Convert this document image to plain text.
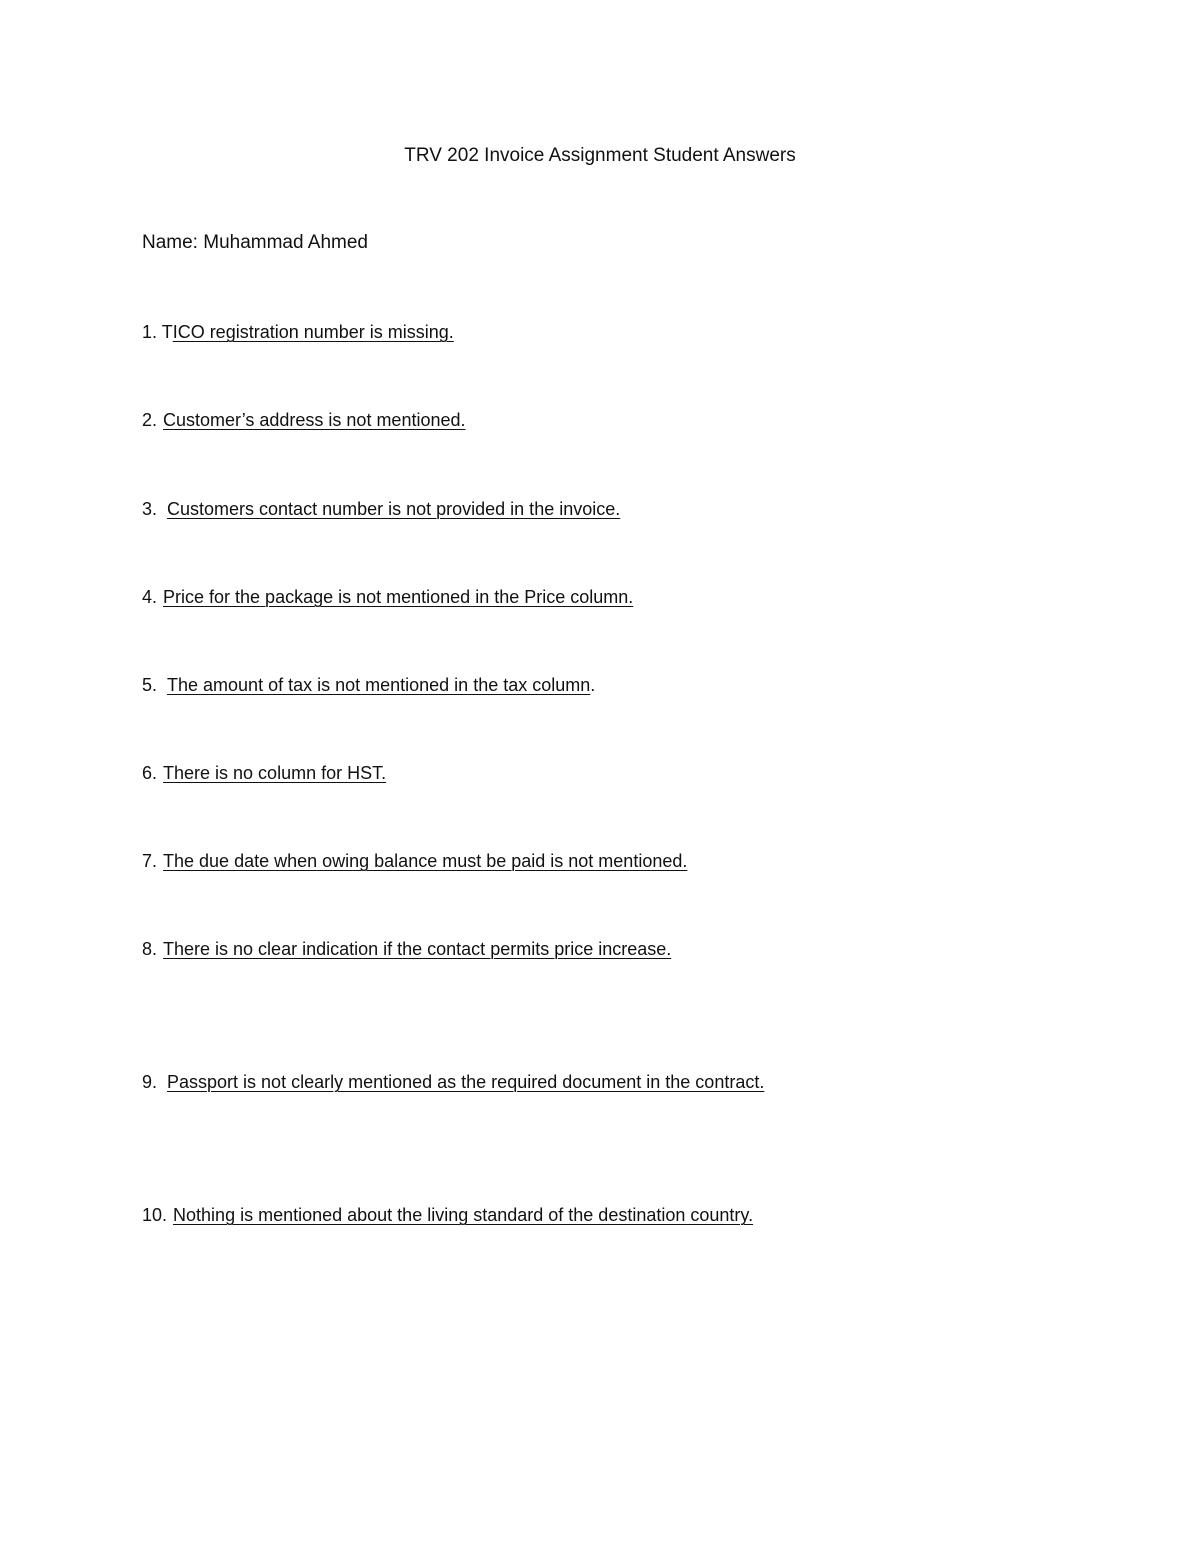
TRV 202 Invoice Assignment Student Answers
Name: Muhammad Ahmed
1. TICO registration number is missing.
2. Customer’s address is not mentioned.
3. Customers contact number is not provided in the invoice.
4. Price for the package is not mentioned in the Price column.
5. The amount of tax is not mentioned in the tax column.
6. There is no column for HST.
7. The due date when owing balance must be paid is not mentioned.
8. There is no clear indication if the contact permits price increase.
9. Passport is not clearly mentioned as the required document in the contract.
10. Nothing is mentioned about the living standard of the destination country.
